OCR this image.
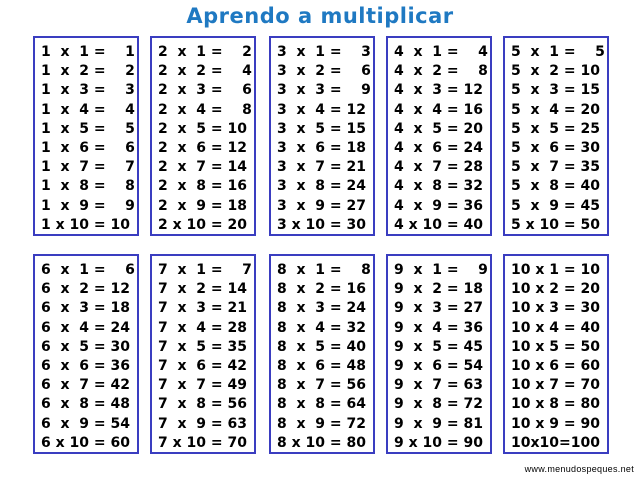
Aprendo a multiplicar
1  x  1 =    1
1  x  2 =    2
1  x  3 =    3
1  x  4 =    4
1  x  5 =    5
1  x  6 =    6
1  x  7 =    7
1  x  8 =    8
1  x  9 =    9
1 x 10 = 10
2  x  1 =    2
2  x  2 =    4
2  x  3 =    6
2  x  4 =    8
2  x  5 = 10
2  x  6 = 12
2  x  7 = 14
2  x  8 = 16
2  x  9 = 18
2 x 10 = 20
3  x  1 =    3
3  x  2 =    6
3  x  3 =    9
3  x  4 = 12
3  x  5 = 15
3  x  6 = 18
3  x  7 = 21
3  x  8 = 24
3  x  9 = 27
3 x 10 = 30
4  x  1 =    4
4  x  2 =    8
4  x  3 = 12
4  x  4 = 16
4  x  5 = 20
4  x  6 = 24
4  x  7 = 28
4  x  8 = 32
4  x  9 = 36
4 x 10 = 40
5  x  1 =    5
5  x  2 = 10
5  x  3 = 15
5  x  4 = 20
5  x  5 = 25
5  x  6 = 30
5  x  7 = 35
5  x  8 = 40
5  x  9 = 45
5 x 10 = 50
6  x  1 =    6
6  x  2 = 12
6  x  3 = 18
6  x  4 = 24
6  x  5 = 30
6  x  6 = 36
6  x  7 = 42
6  x  8 = 48
6  x  9 = 54
6 x 10 = 60
7  x  1 =    7
7  x  2 = 14
7  x  3 = 21
7  x  4 = 28
7  x  5 = 35
7  x  6 = 42
7  x  7 = 49
7  x  8 = 56
7  x  9 = 63
7 x 10 = 70
8  x  1 =    8
8  x  2 = 16
8  x  3 = 24
8  x  4 = 32
8  x  5 = 40
8  x  6 = 48
8  x  7 = 56
8  x  8 = 64
8  x  9 = 72
8 x 10 = 80
9  x  1 =    9
9  x  2 = 18
9  x  3 = 27
9  x  4 = 36
9  x  5 = 45
9  x  6 = 54
9  x  7 = 63
9  x  8 = 72
9  x  9 = 81
9 x 10 = 90
10 x 1 = 10
10 x 2 = 20
10 x 3 = 30
10 x 4 = 40
10 x 5 = 50
10 x 6 = 60
10 x 7 = 70
10 x 8 = 80
10 x 9 = 90
10x10=100
www.menudospeques.net
